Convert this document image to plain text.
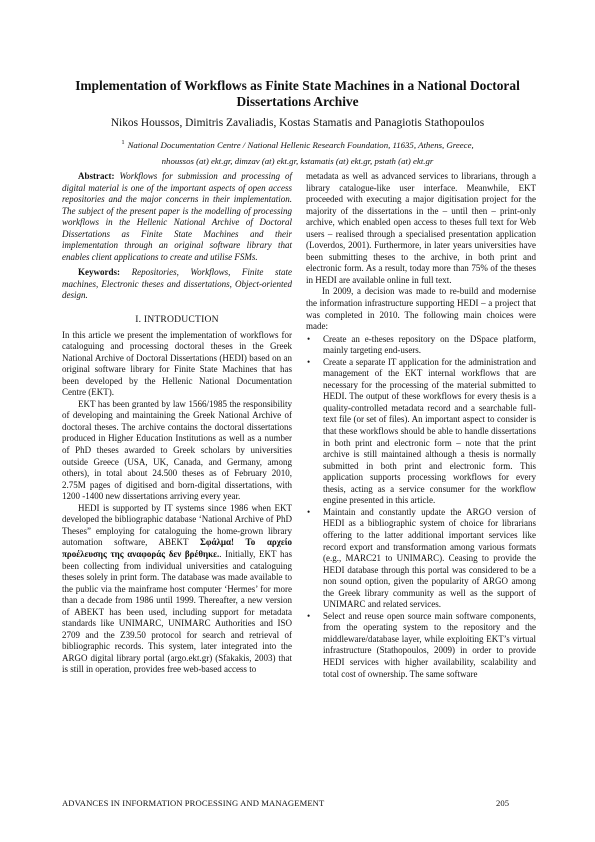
Implementation of Workflows as Finite State Machines in a National Doctoral Dissertations Archive
Nikos Houssos, Dimitris Zavaliadis, Kostas Stamatis and Panagiotis Stathopoulos
$^1$ National Documentation Centre / National Hellenic Research Foundation, 11635, Athens, Greece,
nhoussos (at) ekt.gr, dimzav (at) ekt.gr, kstamatis (at) ekt.gr, pstath (at) ekt.gr

Abstract: Workflows for submission and processing of digital material is one of the important aspects of open access repositories and the major concerns in their implementation. The subject of the present paper is the modelling of processing workflows in the Hellenic National Archive of Doctoral Dissertations as Finite State Machines and their implementation through an original software library that enables client applications to create and utilise FSMs.

Keywords: Repositories, Workflows, Finite state machines, Electronic theses and dissertations, Object-oriented design.

I. INTRODUCTION

In this article we present the implementation of workflows for cataloguing and processing doctoral theses in the Greek National Archive of Doctoral Dissertations (HEDI) based on an original software library for Finite State Machines that has been developed by the Hellenic National Documentation Centre (EKT).

EKT has been granted by law 1566/1985 the responsibility of developing and maintaining the Greek National Archive of doctoral theses. The archive contains the doctoral dissertations produced in Higher Education Institutions as well as a number of PhD theses awarded to Greek scholars by universities outside Greece (USA, UK, Canada, and Germany, among others), in total about 24.500 theses as of February 2010, 2.75M pages of digitised and born-digital dissertations, with 1200 -1400 new dissertations arriving every year.

HEDI is supported by IT systems since 1986 when EKT developed the bibliographic database ‘National Archive of PhD Theses” employing for cataloguing the home-grown library automation software, ABEKT Σφάλμα! Το αρχείο προέλευσης της αναφοράς δεν βρέθηκε.. Initially, EKT has been collecting from individual universities and cataloguing theses solely in print form. The database was made available to the public via the mainframe host computer ‘Hermes’ for more than a decade from 1986 until 1999. Thereafter, a new version of ABEKT has been used, including support for metadata standards like UNIMARC, UNIMARC Authorities and ISO 2709 and the Z39.50 protocol for search and retrieval of bibliographic records. This system, later integrated into the ARGO digital library portal (argo.ekt.gr) (Sfakakis, 2003) that is still in operation, provides free web-based access to

metadata as well as advanced services to librarians, through a library catalogue-like user interface. Meanwhile, EKT proceeded with executing a major digitisation project for the majority of the dissertations in the – until then – print-only archive, which enabled open access to theses full text for Web users – realised through a specialised presentation application (Loverdos, 2001). Furthermore, in later years universities have been submitting theses to the archive, in both print and electronic form. As a result, today more than 75% of the theses in HEDI are available online in full text.

In 2009, a decision was made to re-build and modernise the information infrastructure supporting HEDI – a project that was completed in 2010. The following main choices were made:

• Create an e-theses repository on the DSpace platform, mainly targeting end-users.
• Create a separate IT application for the administration and management of the EKT internal workflows that are necessary for the processing of the material submitted to HEDI. The output of these workflows for every thesis is a quality-controlled metadata record and a searchable full-text file (or set of files). An important aspect to consider is that these workflows should be able to handle dissertations in both print and electronic form – note that the print archive is still maintained although a thesis is normally submitted in both print and electronic form. This application supports processing workflows for every thesis, acting as a service consumer for the workflow engine presented in this article.
• Maintain and constantly update the ARGO version of HEDI as a bibliographic system of choice for librarians offering to the latter additional important services like record export and transformation among various formats (e.g., MARC21 to UNIMARC). Ceasing to provide the HEDI database through this portal was considered to be a non sound option, given the popularity of ARGO among the Greek library community as well as the support of UNIMARC and related services.
• Select and reuse open source main software components, from the operating system to the repository and the middleware/database layer, while exploiting EKT’s virtual infrastructure (Stathopoulos, 2009) in order to provide HEDI services with higher availability, scalability and total cost of ownership. The same software
ADVANCES IN INFORMATION PROCESSING AND MANAGEMENT	205
